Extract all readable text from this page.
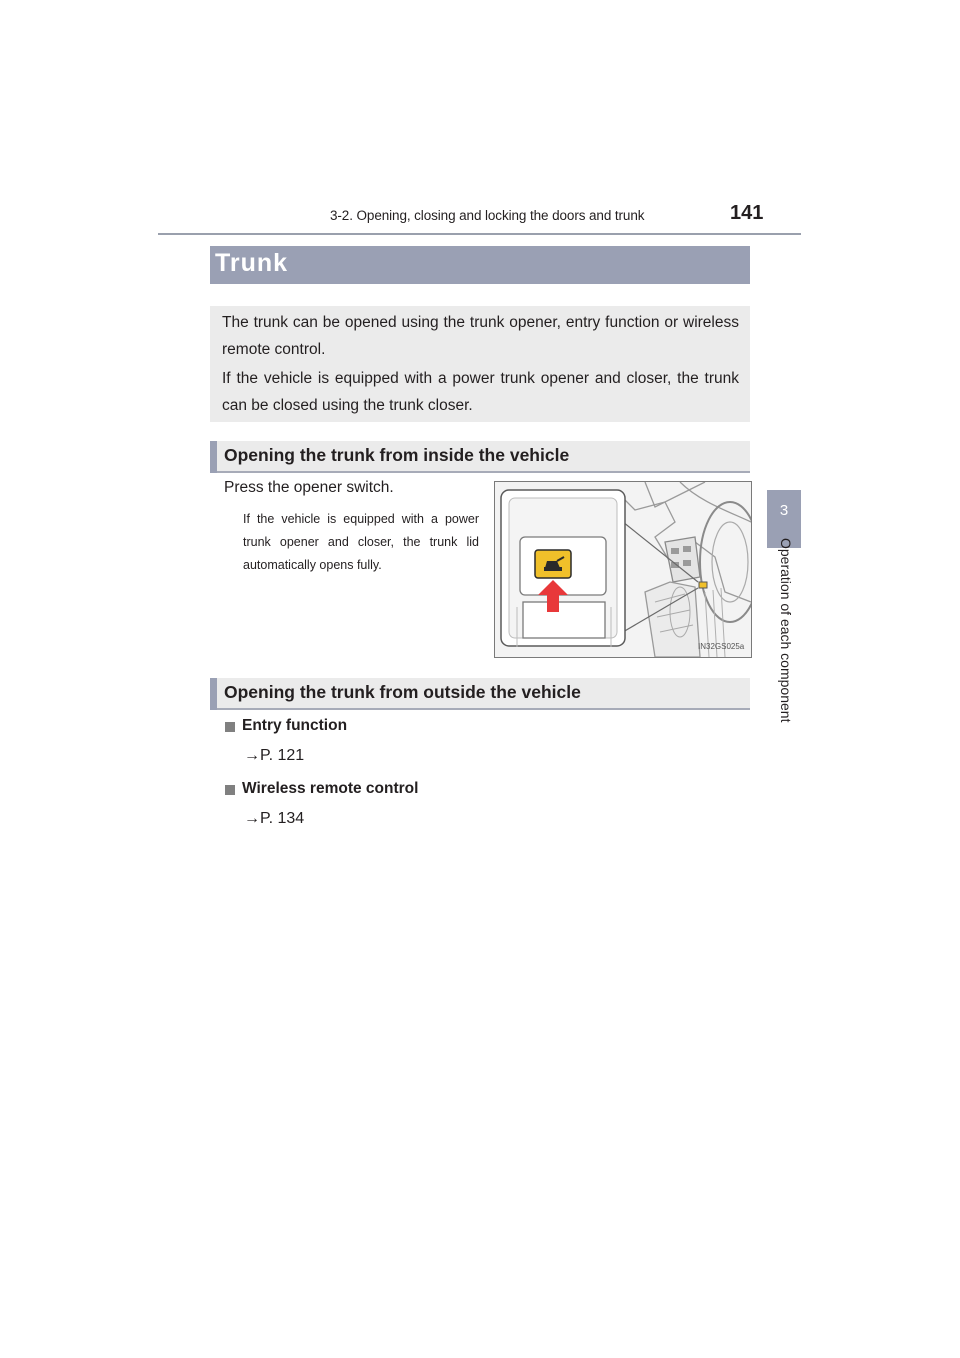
3-2. Opening, closing and locking the doors and trunk	141
3
Operation of each component
Trunk
The trunk can be opened using the trunk opener, entry function or wireless remote control.
If the vehicle is equipped with a power trunk opener and closer, the trunk can be closed using the trunk closer.
Opening the trunk from inside the vehicle
Press the opener switch.
If the vehicle is equipped with a power trunk opener and closer, the trunk lid automatically opens fully.
IN32GS025a
Opening the trunk from outside the vehicle
Entry function
→P. 121
Wireless remote control
→P. 134
